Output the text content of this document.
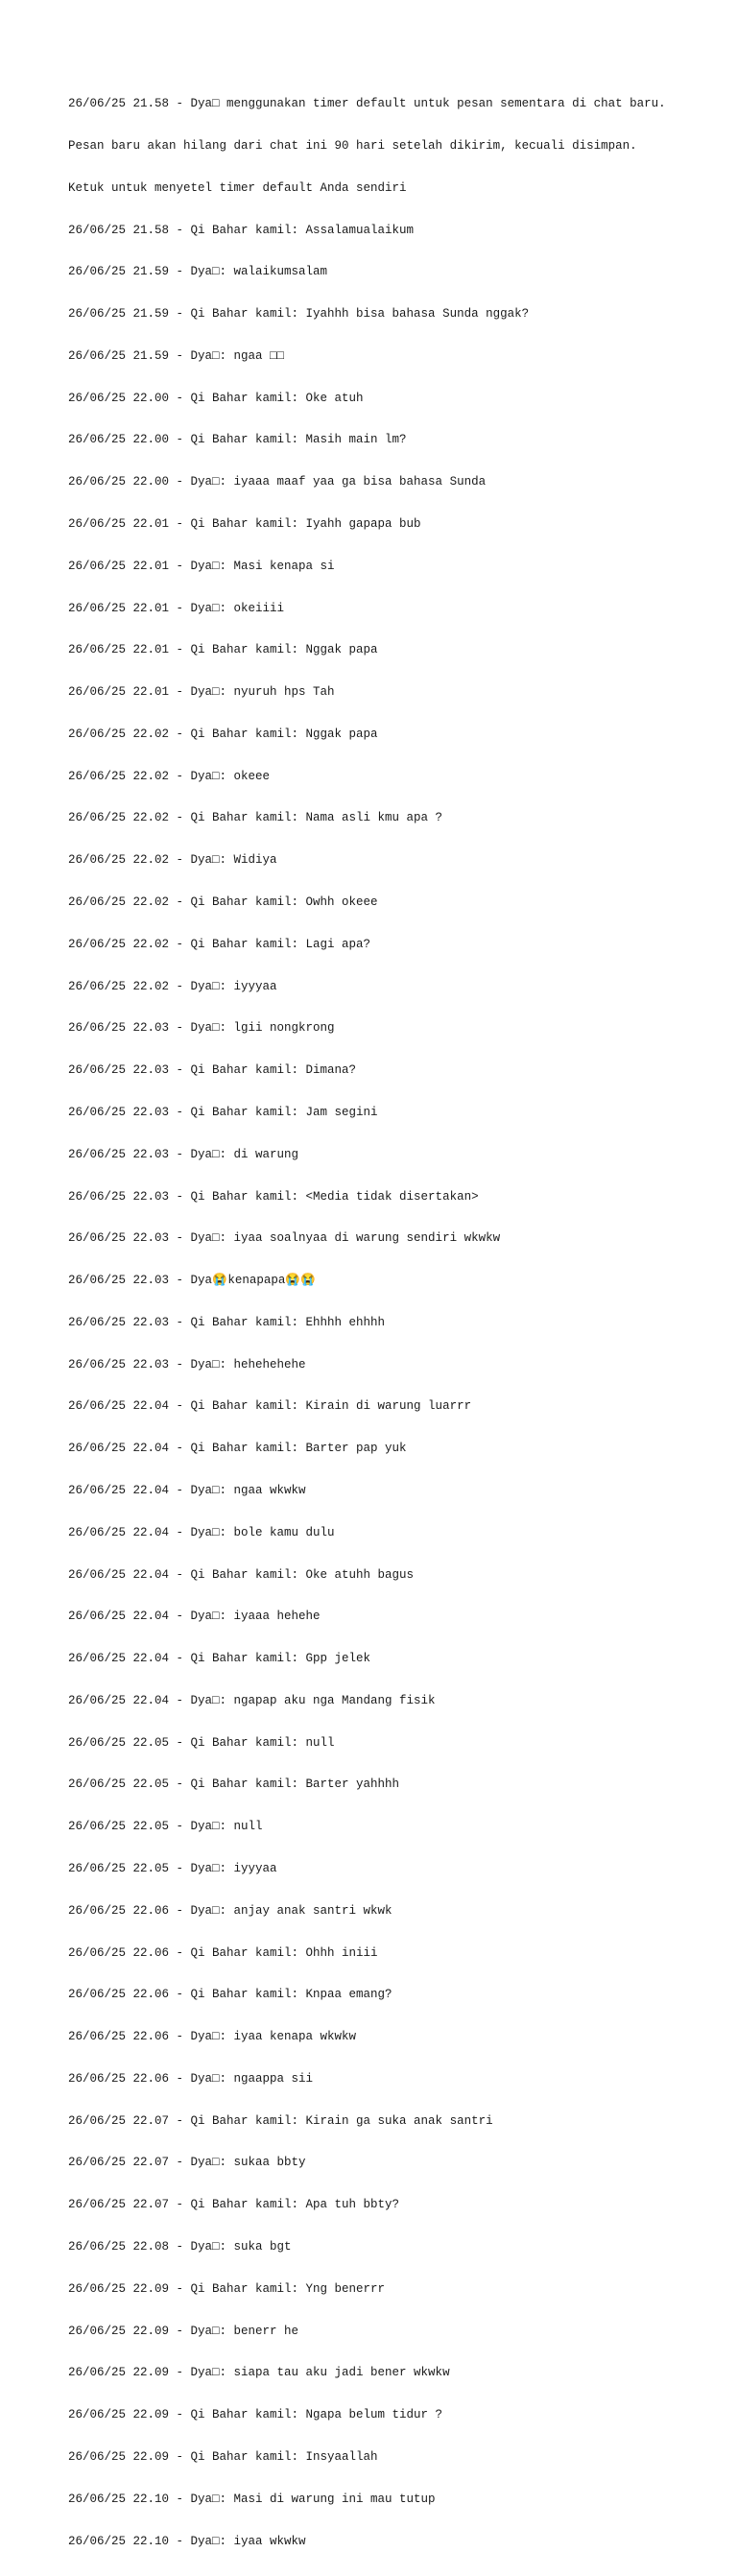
26/06/25 21.58 - Dya□ menggunakan timer default untuk pesan sementara di chat baru.

Pesan baru akan hilang dari chat ini 90 hari setelah dikirim, kecuali disimpan.

Ketuk untuk menyetel timer default Anda sendiri

26/06/25 21.58 - Qi Bahar kamil: Assalamualaikum

26/06/25 21.59 - Dya□: walaikumsalam

26/06/25 21.59 - Qi Bahar kamil: Iyahhh bisa bahasa Sunda nggak?

26/06/25 21.59 - Dya□: ngaa □□

26/06/25 22.00 - Qi Bahar kamil: Oke atuh

26/06/25 22.00 - Qi Bahar kamil: Masih main lm?

26/06/25 22.00 - Dya□: iyaaa maaf yaa ga bisa bahasa Sunda

26/06/25 22.01 - Qi Bahar kamil: Iyahh gapapa bub

26/06/25 22.01 - Dya□: Masi kenapa si

26/06/25 22.01 - Dya□: okeiiii

26/06/25 22.01 - Qi Bahar kamil: Nggak papa

26/06/25 22.01 - Dya□: nyuruh hps Tah

26/06/25 22.02 - Qi Bahar kamil: Nggak papa

26/06/25 22.02 - Dya□: okeee

26/06/25 22.02 - Qi Bahar kamil: Nama asli kmu apa ?

26/06/25 22.02 - Dya□: Widiya

26/06/25 22.02 - Qi Bahar kamil: Owhh okeee

26/06/25 22.02 - Qi Bahar kamil: Lagi apa?

26/06/25 22.02 - Dya□: iyyyaa

26/06/25 22.03 - Dya□: lgii nongkrong

26/06/25 22.03 - Qi Bahar kamil: Dimana?

26/06/25 22.03 - Qi Bahar kamil: Jam segini

26/06/25 22.03 - Dya□: di warung

26/06/25 22.03 - Qi Bahar kamil: <Media tidak disertakan>

26/06/25 22.03 - Dya□: iyaa soalnyaa di warung sendiri wkwkw

26/06/25 22.03 - Dya😭 kenapapa😭😭

26/06/25 22.03 - Qi Bahar kamil: Ehhhh ehhhh

26/06/25 22.03 - Dya□: hehehehehe

26/06/25 22.04 - Qi Bahar kamil: Kirain di warung luarrr

26/06/25 22.04 - Qi Bahar kamil: Barter pap yuk

26/06/25 22.04 - Dya□: ngaa wkwkw

26/06/25 22.04 - Dya□: bole kamu dulu

26/06/25 22.04 - Qi Bahar kamil: Oke atuhh bagus

26/06/25 22.04 - Dya□: iyaaa hehehe

26/06/25 22.04 - Qi Bahar kamil: Gpp jelek

26/06/25 22.04 - Dya□: ngapap aku nga Mandang fisik

26/06/25 22.05 - Qi Bahar kamil: null

26/06/25 22.05 - Qi Bahar kamil: Barter yahhhh

26/06/25 22.05 - Dya□: null

26/06/25 22.05 - Dya□: iyyyaa

26/06/25 22.06 - Dya□: anjay anak santri wkwk

26/06/25 22.06 - Qi Bahar kamil: Ohhh iniii

26/06/25 22.06 - Qi Bahar kamil: Knpaa emang?

26/06/25 22.06 - Dya□: iyaa kenapa wkwkw

26/06/25 22.06 - Dya□: ngaappa sii

26/06/25 22.07 - Qi Bahar kamil: Kirain ga suka anak santri

26/06/25 22.07 - Dya□: sukaa bbty

26/06/25 22.07 - Qi Bahar kamil: Apa tuh bbty?

26/06/25 22.08 - Dya□: suka bgt

26/06/25 22.09 - Qi Bahar kamil: Yng benerrr

26/06/25 22.09 - Dya□: benerr he

26/06/25 22.09 - Dya□: siapa tau aku jadi bener wkwkw

26/06/25 22.09 - Qi Bahar kamil: Ngapa belum tidur ?

26/06/25 22.09 - Qi Bahar kamil: Insyaallah

26/06/25 22.10 - Dya□: Masi di warung ini mau tutup

26/06/25 22.10 - Dya□: iyaa wkwkw
